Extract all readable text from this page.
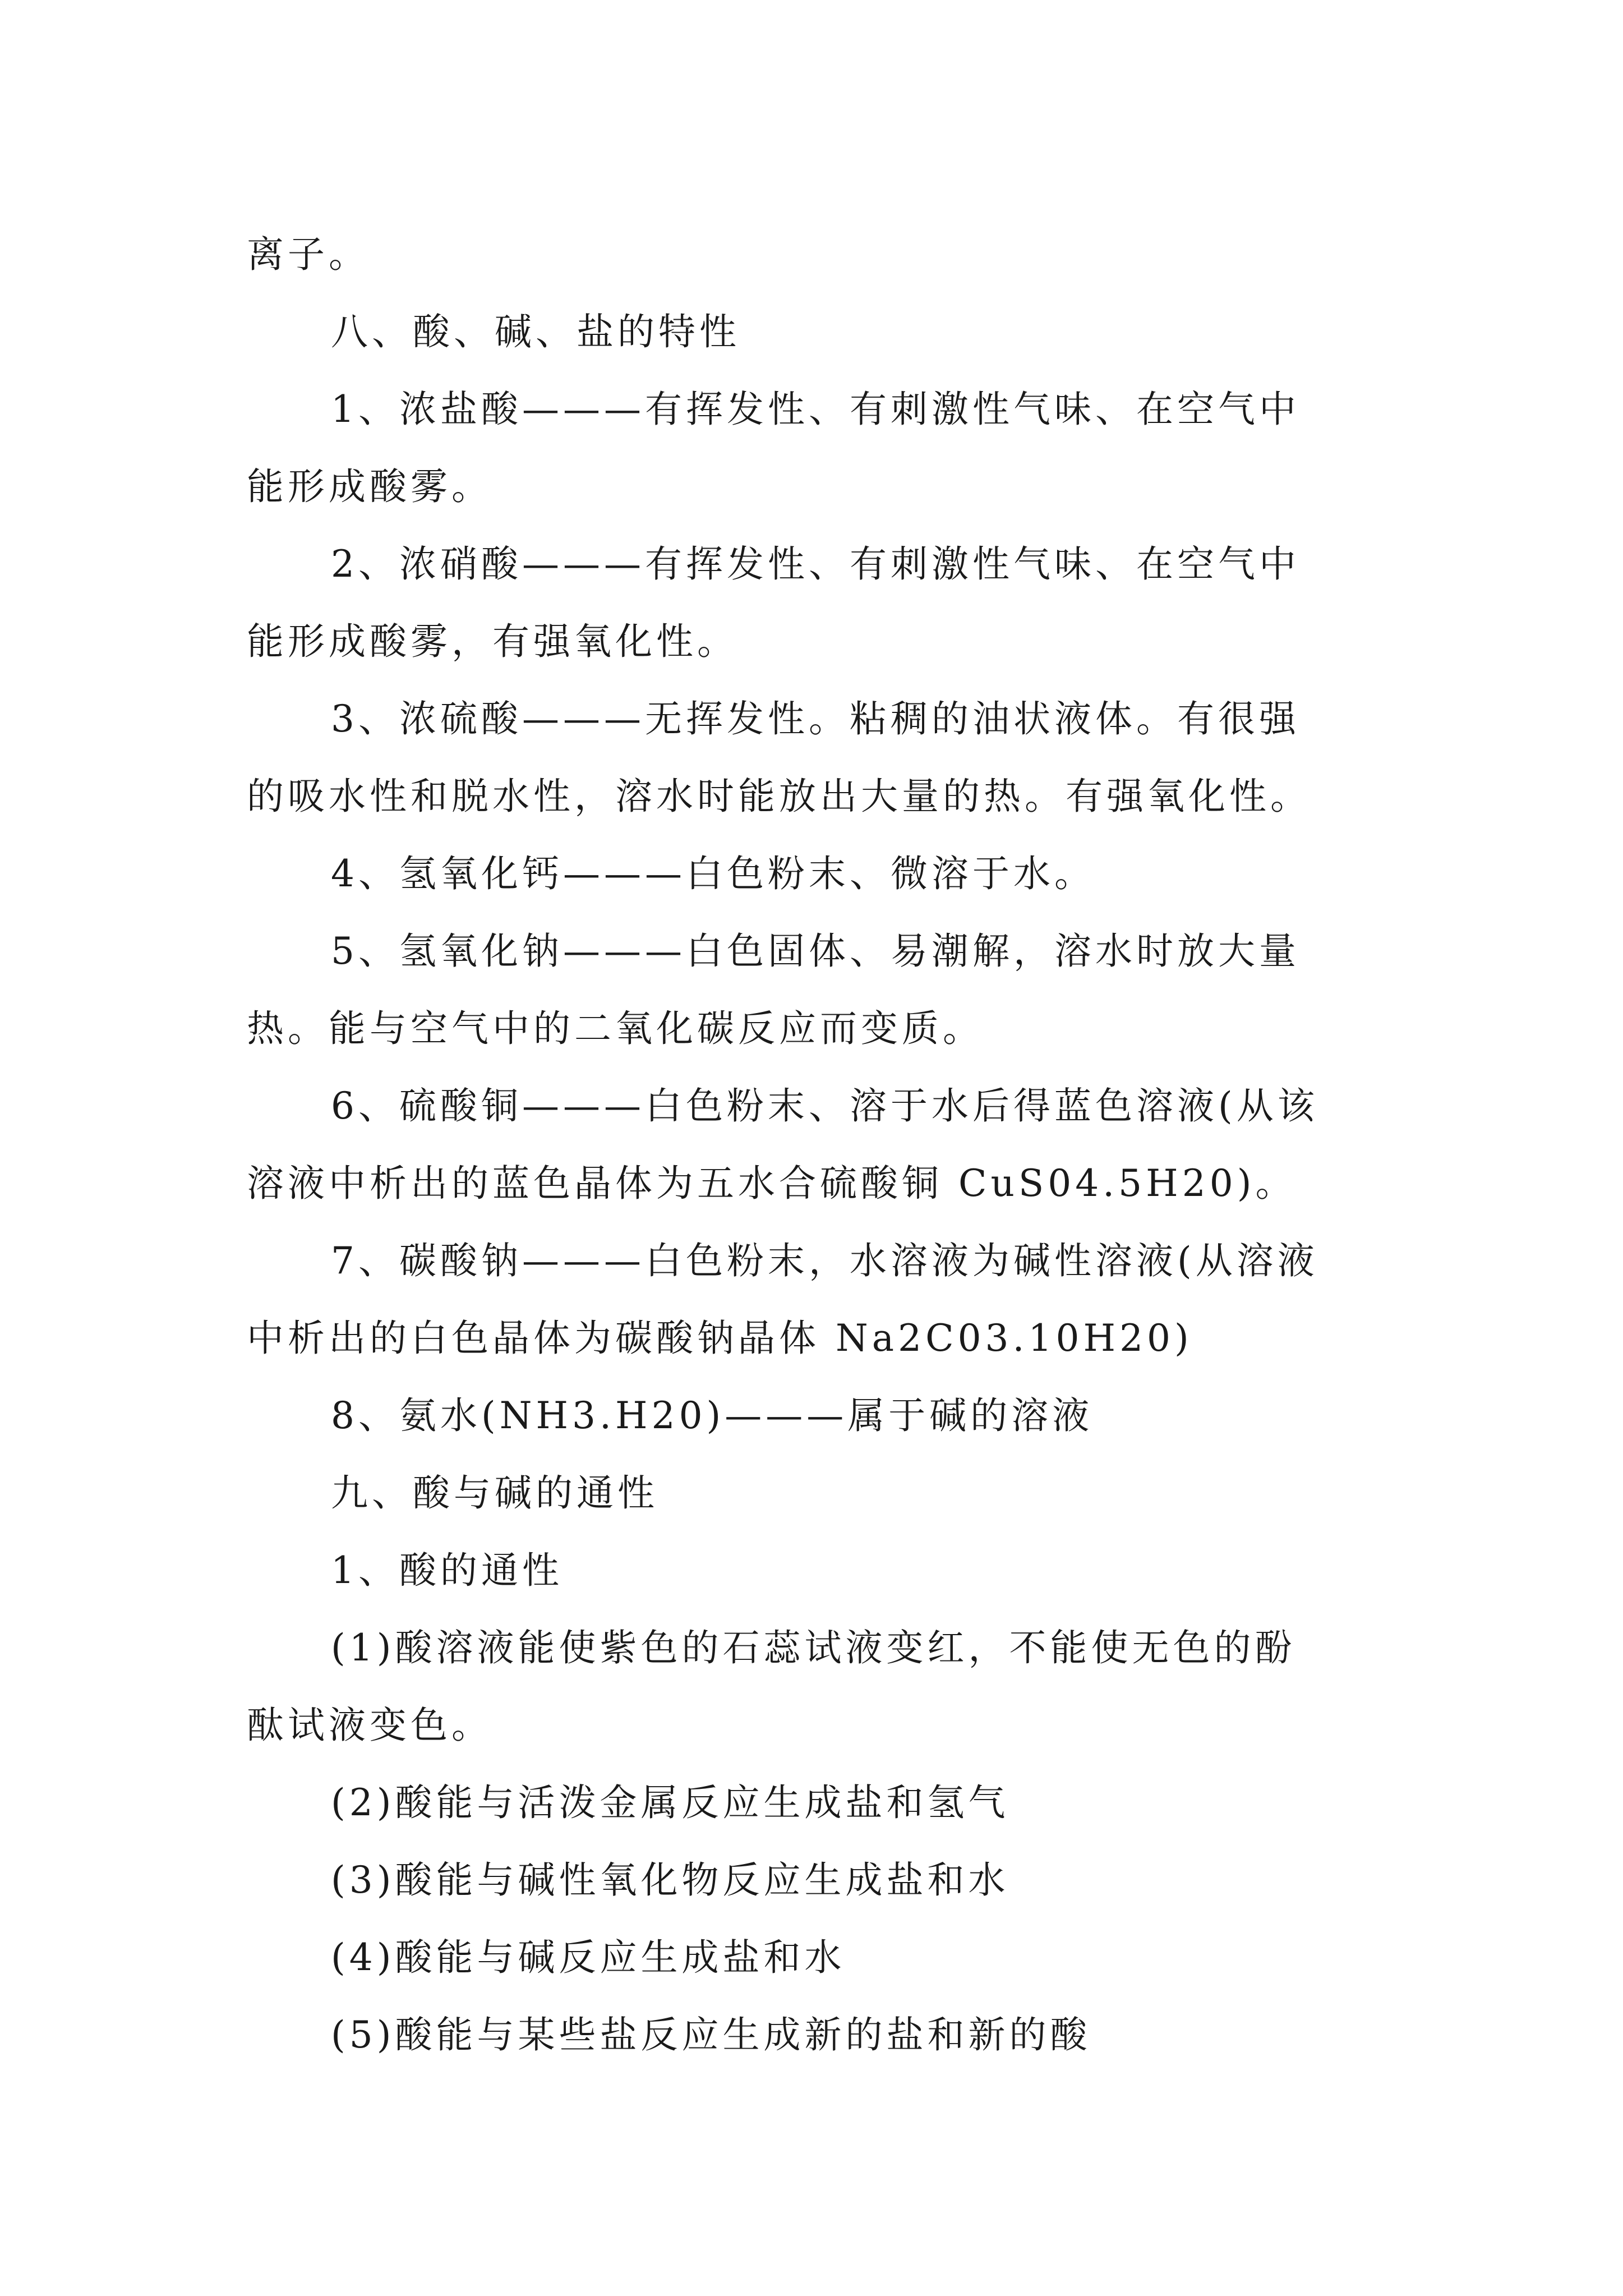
离子。

八、酸、碱、盐的特性

1、浓盐酸———有挥发性、有刺激性气味、在空气中

能形成酸雾。

2、浓硝酸———有挥发性、有刺激性气味、在空气中

能形成酸雾，有强氧化性。

3、浓硫酸———无挥发性。粘稠的油状液体。有很强

的吸水性和脱水性，溶水时能放出大量的热。有强氧化性。

4、氢氧化钙———白色粉末、微溶于水。

5、氢氧化钠———白色固体、易潮解，溶水时放大量

热。能与空气中的二氧化碳反应而变质。

6、硫酸铜———白色粉末、溶于水后得蓝色溶液(从该

溶液中析出的蓝色晶体为五水合硫酸铜 CuS04.5H20)。

7、碳酸钠———白色粉末，水溶液为碱性溶液(从溶液

中析出的白色晶体为碳酸钠晶体 Na2C03.10H20)

8、氨水(NH3.H20)———属于碱的溶液

九、酸与碱的通性

1、酸的通性

(1)酸溶液能使紫色的石蕊试液变红，不能使无色的酚

酞试液变色。

(2)酸能与活泼金属反应生成盐和氢气

(3)酸能与碱性氧化物反应生成盐和水

(4)酸能与碱反应生成盐和水

(5)酸能与某些盐反应生成新的盐和新的酸
